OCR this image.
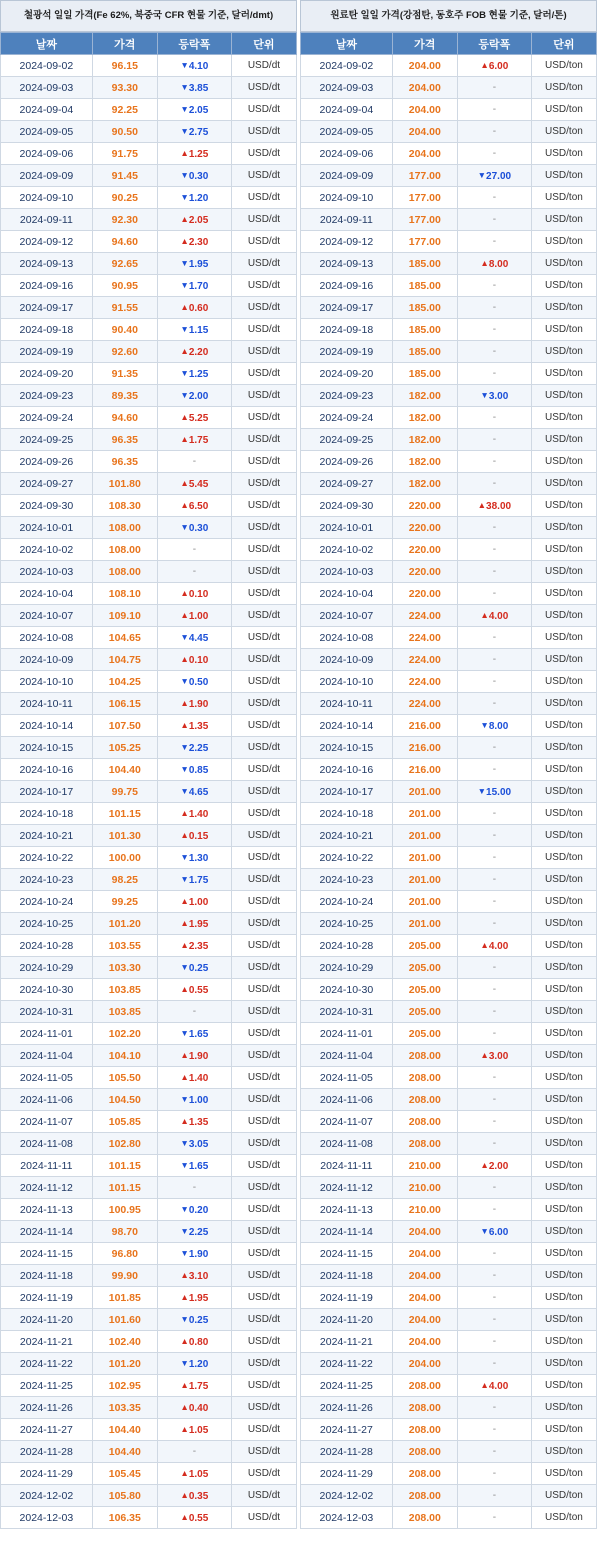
철광석 일일 가격(Fe 62%, 북중국 CFR 현물 기준, 달러/dmt)
날짜	가격	등락폭	단위
2024-09-02	96.15	▼4.10	USD/dt
2024-09-03	93.30	▼3.85	USD/dt
2024-09-04	92.25	▼2.05	USD/dt
2024-09-05	90.50	▼2.75	USD/dt
2024-09-06	91.75	▲1.25	USD/dt
2024-09-09	91.45	▼0.30	USD/dt
2024-09-10	90.25	▼1.20	USD/dt
2024-09-11	92.30	▲2.05	USD/dt
2024-09-12	94.60	▲2.30	USD/dt
2024-09-13	92.65	▼1.95	USD/dt
2024-09-16	90.95	▼1.70	USD/dt
2024-09-17	91.55	▲0.60	USD/dt
2024-09-18	90.40	▼1.15	USD/dt
2024-09-19	92.60	▲2.20	USD/dt
2024-09-20	91.35	▼1.25	USD/dt
2024-09-23	89.35	▼2.00	USD/dt
2024-09-24	94.60	▲5.25	USD/dt
2024-09-25	96.35	▲1.75	USD/dt
2024-09-26	96.35	-	USD/dt
2024-09-27	101.80	▲5.45	USD/dt
2024-09-30	108.30	▲6.50	USD/dt
2024-10-01	108.00	▼0.30	USD/dt
2024-10-02	108.00	-	USD/dt
2024-10-03	108.00	-	USD/dt
2024-10-04	108.10	▲0.10	USD/dt
2024-10-07	109.10	▲1.00	USD/dt
2024-10-08	104.65	▼4.45	USD/dt
2024-10-09	104.75	▲0.10	USD/dt
2024-10-10	104.25	▼0.50	USD/dt
2024-10-11	106.15	▲1.90	USD/dt
2024-10-14	107.50	▲1.35	USD/dt
2024-10-15	105.25	▼2.25	USD/dt
2024-10-16	104.40	▼0.85	USD/dt
2024-10-17	99.75	▼4.65	USD/dt
2024-10-18	101.15	▲1.40	USD/dt
2024-10-21	101.30	▲0.15	USD/dt
2024-10-22	100.00	▼1.30	USD/dt
2024-10-23	98.25	▼1.75	USD/dt
2024-10-24	99.25	▲1.00	USD/dt
2024-10-25	101.20	▲1.95	USD/dt
2024-10-28	103.55	▲2.35	USD/dt
2024-10-29	103.30	▼0.25	USD/dt
2024-10-30	103.85	▲0.55	USD/dt
2024-10-31	103.85	-	USD/dt
2024-11-01	102.20	▼1.65	USD/dt
2024-11-04	104.10	▲1.90	USD/dt
2024-11-05	105.50	▲1.40	USD/dt
2024-11-06	104.50	▼1.00	USD/dt
2024-11-07	105.85	▲1.35	USD/dt
2024-11-08	102.80	▼3.05	USD/dt
2024-11-11	101.15	▼1.65	USD/dt
2024-11-12	101.15	-	USD/dt
2024-11-13	100.95	▼0.20	USD/dt
2024-11-14	98.70	▼2.25	USD/dt
2024-11-15	96.80	▼1.90	USD/dt
2024-11-18	99.90	▲3.10	USD/dt
2024-11-19	101.85	▲1.95	USD/dt
2024-11-20	101.60	▼0.25	USD/dt
2024-11-21	102.40	▲0.80	USD/dt
2024-11-22	101.20	▼1.20	USD/dt
2024-11-25	102.95	▲1.75	USD/dt
2024-11-26	103.35	▲0.40	USD/dt
2024-11-27	104.40	▲1.05	USD/dt
2024-11-28	104.40	-	USD/dt
2024-11-29	105.45	▲1.05	USD/dt
2024-12-02	105.80	▲0.35	USD/dt
2024-12-03	106.35	▲0.55	USD/dt
원료탄 일일 가격(강점탄, 동호주 FOB 현물 기준, 달러/톤)
날짜	가격	등락폭	단위
2024-09-02	204.00	▲6.00	USD/ton
2024-09-03	204.00	-	USD/ton
2024-09-04	204.00	-	USD/ton
2024-09-05	204.00	-	USD/ton
2024-09-06	204.00	-	USD/ton
2024-09-09	177.00	▼27.00	USD/ton
2024-09-10	177.00	-	USD/ton
2024-09-11	177.00	-	USD/ton
2024-09-12	177.00	-	USD/ton
2024-09-13	185.00	▲8.00	USD/ton
2024-09-16	185.00	-	USD/ton
2024-09-17	185.00	-	USD/ton
2024-09-18	185.00	-	USD/ton
2024-09-19	185.00	-	USD/ton
2024-09-20	185.00	-	USD/ton
2024-09-23	182.00	▼3.00	USD/ton
2024-09-24	182.00	-	USD/ton
2024-09-25	182.00	-	USD/ton
2024-09-26	182.00	-	USD/ton
2024-09-27	182.00	-	USD/ton
2024-09-30	220.00	▲38.00	USD/ton
2024-10-01	220.00	-	USD/ton
2024-10-02	220.00	-	USD/ton
2024-10-03	220.00	-	USD/ton
2024-10-04	220.00	-	USD/ton
2024-10-07	224.00	▲4.00	USD/ton
2024-10-08	224.00	-	USD/ton
2024-10-09	224.00	-	USD/ton
2024-10-10	224.00	-	USD/ton
2024-10-11	224.00	-	USD/ton
2024-10-14	216.00	▼8.00	USD/ton
2024-10-15	216.00	-	USD/ton
2024-10-16	216.00	-	USD/ton
2024-10-17	201.00	▼15.00	USD/ton
2024-10-18	201.00	-	USD/ton
2024-10-21	201.00	-	USD/ton
2024-10-22	201.00	-	USD/ton
2024-10-23	201.00	-	USD/ton
2024-10-24	201.00	-	USD/ton
2024-10-25	201.00	-	USD/ton
2024-10-28	205.00	▲4.00	USD/ton
2024-10-29	205.00	-	USD/ton
2024-10-30	205.00	-	USD/ton
2024-10-31	205.00	-	USD/ton
2024-11-01	205.00	-	USD/ton
2024-11-04	208.00	▲3.00	USD/ton
2024-11-05	208.00	-	USD/ton
2024-11-06	208.00	-	USD/ton
2024-11-07	208.00	-	USD/ton
2024-11-08	208.00	-	USD/ton
2024-11-11	210.00	▲2.00	USD/ton
2024-11-12	210.00	-	USD/ton
2024-11-13	210.00	-	USD/ton
2024-11-14	204.00	▼6.00	USD/ton
2024-11-15	204.00	-	USD/ton
2024-11-18	204.00	-	USD/ton
2024-11-19	204.00	-	USD/ton
2024-11-20	204.00	-	USD/ton
2024-11-21	204.00	-	USD/ton
2024-11-22	204.00	-	USD/ton
2024-11-25	208.00	▲4.00	USD/ton
2024-11-26	208.00	-	USD/ton
2024-11-27	208.00	-	USD/ton
2024-11-28	208.00	-	USD/ton
2024-11-29	208.00	-	USD/ton
2024-12-02	208.00	-	USD/ton
2024-12-03	208.00	-	USD/ton
